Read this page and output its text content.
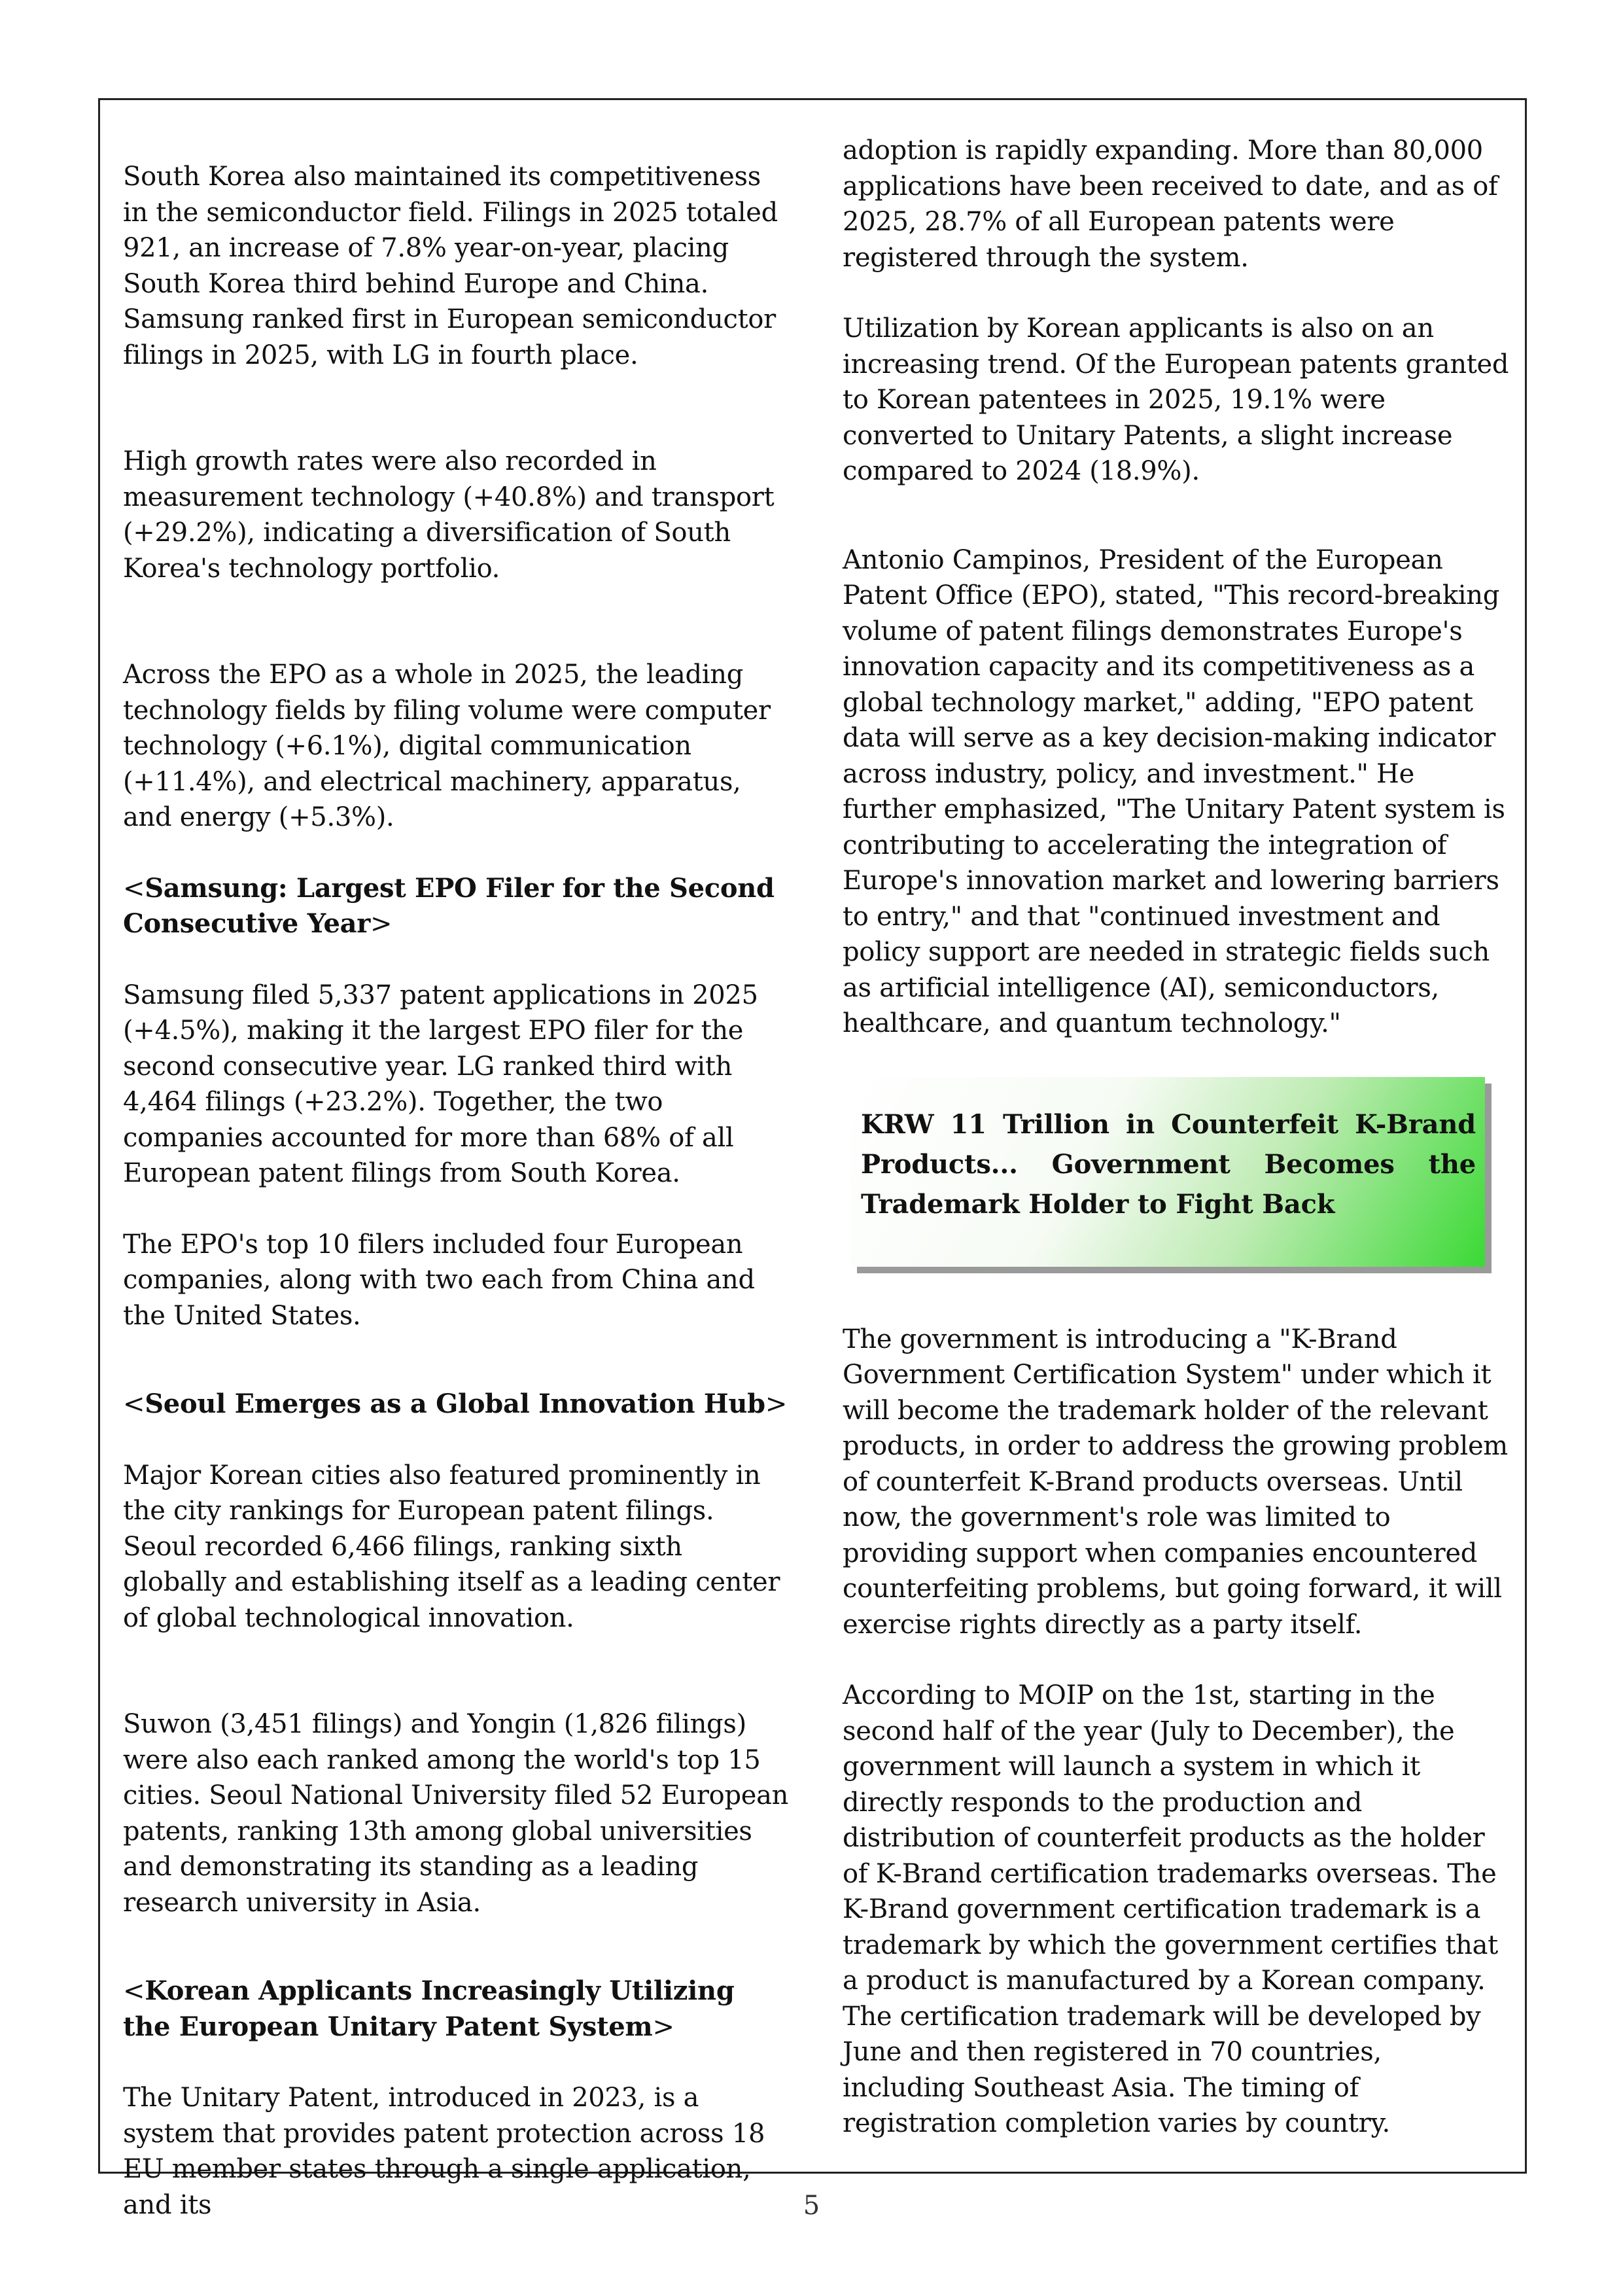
South Korea also maintained its competitiveness in the semiconductor field. Filings in 2025 totaled 921, an increase of 7.8% year-on-year, placing South Korea third behind Europe and China. Samsung ranked first in European semiconductor filings in 2025, with LG in fourth place.

High growth rates were also recorded in measurement technology (+40.8%) and transport (+29.2%), indicating a diversification of South Korea's technology portfolio.

Across the EPO as a whole in 2025, the leading technology fields by filing volume were computer technology (+6.1%), digital communication (+11.4%), and electrical machinery, apparatus, and energy (+5.3%).

<Samsung: Largest EPO Filer for the Second Consecutive Year>

Samsung filed 5,337 patent applications in 2025 (+4.5%), making it the largest EPO filer for the second consecutive year. LG ranked third with 4,464 filings (+23.2%). Together, the two companies accounted for more than 68% of all European patent filings from South Korea.

The EPO's top 10 filers included four European companies, along with two each from China and the United States.

<Seoul Emerges as a Global Innovation Hub>

Major Korean cities also featured prominently in the city rankings for European patent filings. Seoul recorded 6,466 filings, ranking sixth globally and establishing itself as a leading center of global technological innovation.

Suwon (3,451 filings) and Yongin (1,826 filings) were also each ranked among the world's top 15 cities. Seoul National University filed 52 European patents, ranking 13th among global universities and demonstrating its standing as a leading research university in Asia.

<Korean Applicants Increasingly Utilizing the European Unitary Patent System>

The Unitary Patent, introduced in 2023, is a system that provides patent protection across 18 EU member states through a single application, and its

adoption is rapidly expanding. More than 80,000 applications have been received to date, and as of 2025, 28.7% of all European patents were registered through the system.

Utilization by Korean applicants is also on an increasing trend. Of the European patents granted to Korean patentees in 2025, 19.1% were converted to Unitary Patents, a slight increase compared to 2024 (18.9%).

Antonio Campinos, President of the European Patent Office (EPO), stated, "This record-breaking volume of patent filings demonstrates Europe's innovation capacity and its competitiveness as a global technology market," adding, "EPO patent data will serve as a key decision-making indicator across industry, policy, and investment." He further emphasized, "The Unitary Patent system is contributing to accelerating the integration of Europe's innovation market and lowering barriers to entry," and that "continued investment and policy support are needed in strategic fields such as artificial intelligence (AI), semiconductors, healthcare, and quantum technology."

KRW 11 Trillion in Counterfeit K-Brand Products... Government Becomes the Trademark Holder to Fight Back

The government is introducing a "K-Brand Government Certification System" under which it will become the trademark holder of the relevant products, in order to address the growing problem of counterfeit K-Brand products overseas. Until now, the government's role was limited to providing support when companies encountered counterfeiting problems, but going forward, it will exercise rights directly as a party itself.

According to MOIP on the 1st, starting in the second half of the year (July to December), the government will launch a system in which it directly responds to the production and distribution of counterfeit products as the holder of K-Brand certification trademarks overseas. The K-Brand government certification trademark is a trademark by which the government certifies that a product is manufactured by a Korean company. The certification trademark will be developed by June and then registered in 70 countries, including Southeast Asia. The timing of registration completion varies by country.

5
